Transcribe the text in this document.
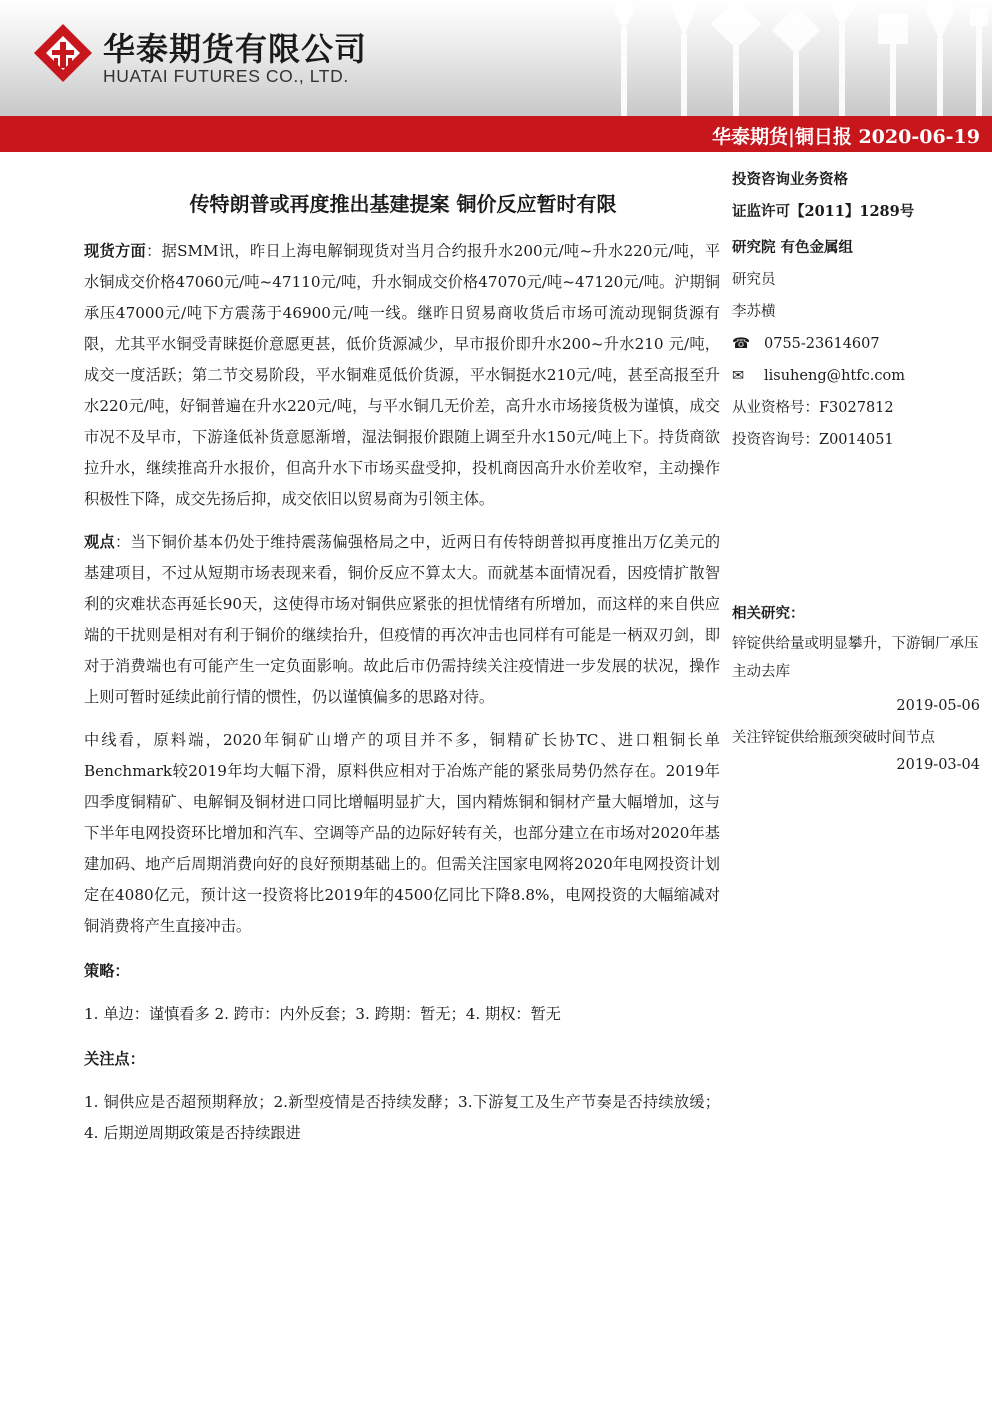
华泰期货有限公司
HUATAI FUTURES CO., LTD.
华泰期货|铜日报 2020-06-19
传特朗普或再度推出基建提案 铜价反应暂时有限

现货方面：据SMM讯，昨日上海电解铜现货对当月合约报升水200元/吨~升水220元/吨，平水铜成交价格47060元/吨~47110元/吨，升水铜成交价格47070元/吨~47120元/吨。沪期铜承压47000元/吨下方震荡于46900元/吨一线。继昨日贸易商收货后市场可流动现铜货源有限，尤其平水铜受青睐挺价意愿更甚，低价货源减少，早市报价即升水200~升水210 元/吨，成交一度活跃；第二节交易阶段，平水铜难觅低价货源，平水铜挺水210元/吨，甚至高报至升水220元/吨，好铜普遍在升水220元/吨，与平水铜几无价差，高升水市场接货极为谨慎，成交市况不及早市，下游逢低补货意愿渐增，湿法铜报价跟随上调至升水150元/吨上下。持货商欲拉升水，继续推高升水报价，但高升水下市场买盘受抑，投机商因高升水价差收窄，主动操作积极性下降，成交先扬后抑，成交依旧以贸易商为引领主体。

观点：当下铜价基本仍处于维持震荡偏强格局之中，近两日有传特朗普拟再度推出万亿美元的基建项目，不过从短期市场表现来看，铜价反应不算太大。而就基本面情况看，因疫情扩散智利的灾难状态再延长90天，这使得市场对铜供应紧张的担忧情绪有所增加，而这样的来自供应端的干扰则是相对有利于铜价的继续抬升，但疫情的再次冲击也同样有可能是一柄双刃剑，即对于消费端也有可能产生一定负面影响。故此后市仍需持续关注疫情进一步发展的状况，操作上则可暂时延续此前行情的惯性，仍以谨慎偏多的思路对待。

中线看，原料端，2020年铜矿山增产的项目并不多，铜精矿长协TC、进口粗铜长单Benchmark较2019年均大幅下滑，原料供应相对于冶炼产能的紧张局势仍然存在。2019年四季度铜精矿、电解铜及铜材进口同比增幅明显扩大，国内精炼铜和铜材产量大幅增加，这与下半年电网投资环比增加和汽车、空调等产品的边际好转有关，也部分建立在市场对2020年基建加码、地产后周期消费向好的良好预期基础上的。但需关注国家电网将2020年电网投资计划定在4080亿元，预计这一投资将比2019年的4500亿同比下降8.8%，电网投资的大幅缩减对铜消费将产生直接冲击。

策略：

1. 单边：谨慎看多 2. 跨市：内外反套；3. 跨期：暂无；4. 期权：暂无

关注点：

1. 铜供应是否超预期释放；2.新型疫情是否持续发酵；3.下游复工及生产节奏是否持续放缓；4. 后期逆周期政策是否持续跟进

投资咨询业务资格
证监许可【2011】1289号
研究院 有色金属组
研究员
李苏横
☎ 0755-23614607
✉ lisuheng@htfc.com
从业资格号：F3027812
投资咨询号：Z0014051
相关研究：
锌锭供给量或明显攀升，下游铜厂承压主动去库
2019-05-06
关注锌锭供给瓶颈突破时间节点
2019-03-04
